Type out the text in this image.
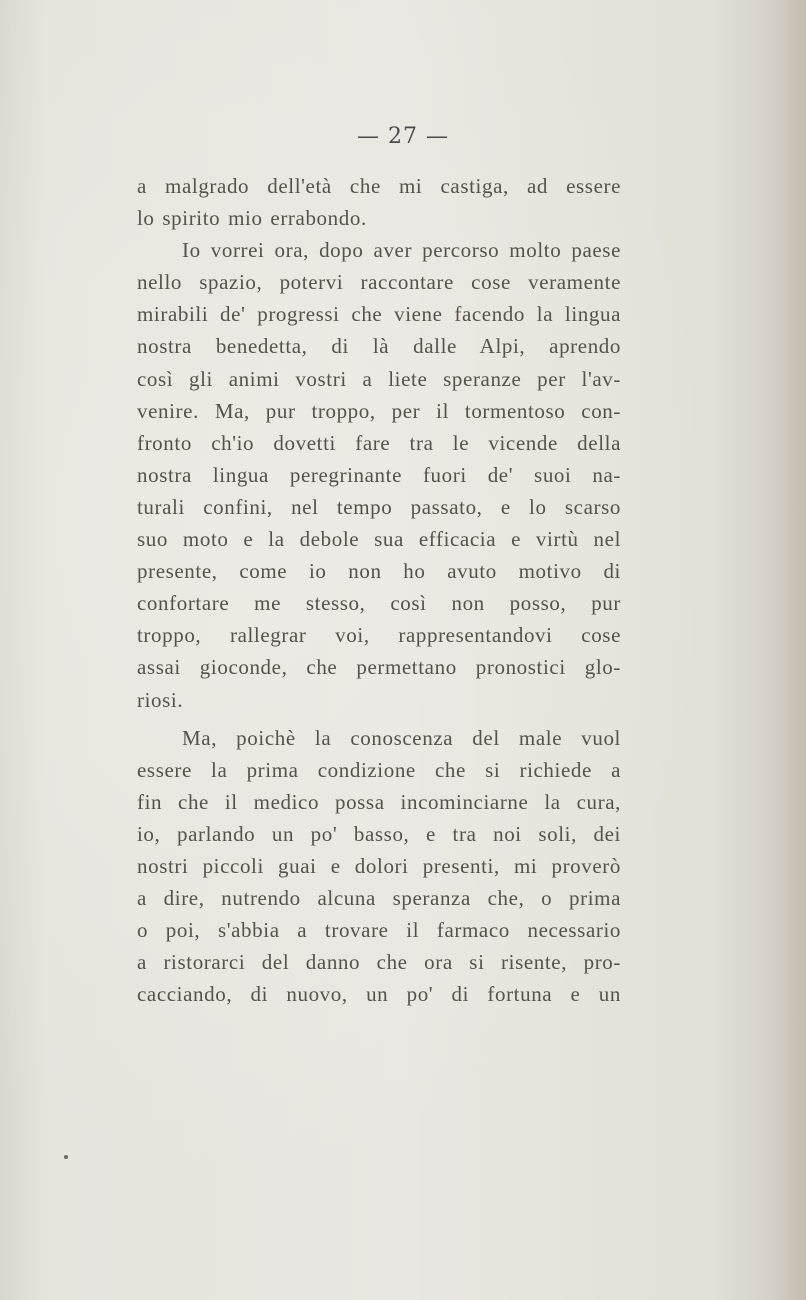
— 27 —
a malgrado dell'età che mi castiga, ad essere
lo spirito mio errabondo.
Io vorrei ora, dopo aver percorso molto paese
nello spazio, potervi raccontare cose veramente
mirabili de' progressi che viene facendo la lingua
nostra benedetta, di là dalle Alpi, aprendo
così gli animi vostri a liete speranze per l'av-
venire. Ma, pur troppo, per il tormentoso con-
fronto ch'io dovetti fare tra le vicende della
nostra lingua peregrinante fuori de' suoi na-
turali confini, nel tempo passato, e lo scarso
suo moto e la debole sua efficacia e virtù nel
presente, come io non ho avuto motivo di
confortare me stesso, così non posso, pur
troppo, rallegrar voi, rappresentandovi cose
assai gioconde, che permettano pronostici glo-
riosi.
Ma, poichè la conoscenza del male vuol
essere la prima condizione che si richiede a
fin che il medico possa incominciarne la cura,
io, parlando un po' basso, e tra noi soli, dei
nostri piccoli guai e dolori presenti, mi proverò
a dire, nutrendo alcuna speranza che, o prima
o poi, s'abbia a trovare il farmaco necessario
a ristorarci del danno che ora si risente, pro-
cacciando, di nuovo, un po' di fortuna e un
